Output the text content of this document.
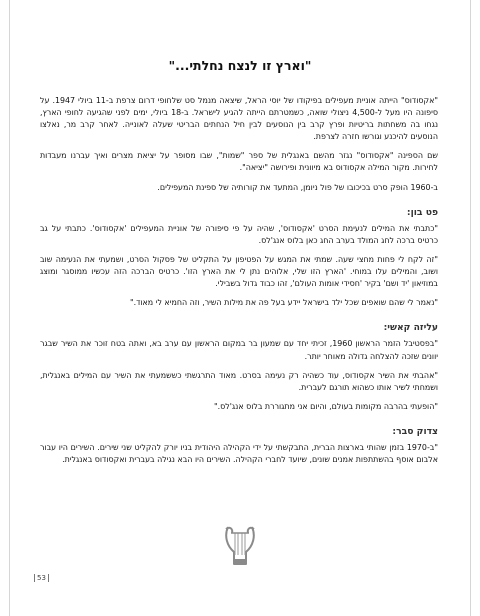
"וארץ זו לנצח נחלתי..."

"אקסודוס" הייתה אוניית מעפילים בפיקודו של יוסי הראל, שיצאה מנמל סט שלחופי דרום צרפת ב-11 ביולי 1947. על סיפונה היו מעל ל-4,500 ניצולי שואה, כשמטרתם הייתה להגיע לישראל. ב-18 ביולי, ימים לפני שהגיעה לחופי הארץ, נגחו בה משחתות בריטיות ופרץ קרב בין הנוסעים לבין חיל הנחתים הבריטי שעלה לאונייה. לאחר קרב מר, נאלצו הנוסעים להיכנע וגורשו חזרה לצרפת.

שם הספינה "אקסודוס" נגזר מהשם באנגלית של ספר "שמות", שבו מסופר על יציאת מצרים ואיך עברנו מעבדות לחירות. מקור המילה אקסודוס בא מיוונית ופירושה "יציאה".

ב-1960 הופק סרט בכיכובו של פול ניומן, המתעד את קורותיה של ספינת המעפילים.

פט בון:

"כתבתי את המילים לנעימת הסרט 'אקסודוס', שהיה על פי סיפורה של אוניית המעפילים 'אקסודוס'. כתבתי על גב כרטיס ברכה לחג המולד בערב החג כאן בלוס אנג'לס.

"זה לקח לי פחות מחצי שעה. שמתי את המגש על הפטיפון על התקליט של פסקול הסרט, ושמעתי את הנעימה שוב ושוב, והמילים עלו במוחי. 'הארץ הזו שלי, אלוהים נתן לי את הארץ הזו'. כרטיס הברכה הזה עכשיו ממוסגר ומוצג במוזיאון 'יד ושם' בקיר 'חסידי אומות העולם', זהו כבוד גדול בשבילי.

"נאמר לי שהם שואפים שכל ילד בישראל יידע בעל פה את מילות השיר, וזה החמיא לי מאוד."

עליזה קאשי:

"בפסטיבל הזמר הראשון 1960, זכיתי יחד עם שמעון בר במקום הראשון עם ערב בא, ואתה בטח זוכר את השיר שבגר יוונים שזכה להצלחה גדולה מאוחר יותר.

"אהבתי את השיר אקסודוס, עוד כשהיה רק נעימה בסרט. מאוד התרגשתי כששמעתי את השיר עם המילים באנגלית, ושמחתי לשיר אותו כשהוא תורגם לעברית.

"הופעתי בהרבה מקומות בעולם, והיום אני מתגוררת בלוס אנג'לס."

צדוק סבר:

"ב-1970 בזמן שהותי בארצות הברית, התבקשתי על ידי הקהילה היהודית בניו יורק להקליט שני שירים. השירים היו עבור אלבום אוסף בהשתתפות אמנים שונים, שיועד לחברי הקהילה. השירים היו הבא נגילה בעברית ואקסודוס באנגלית.

53
